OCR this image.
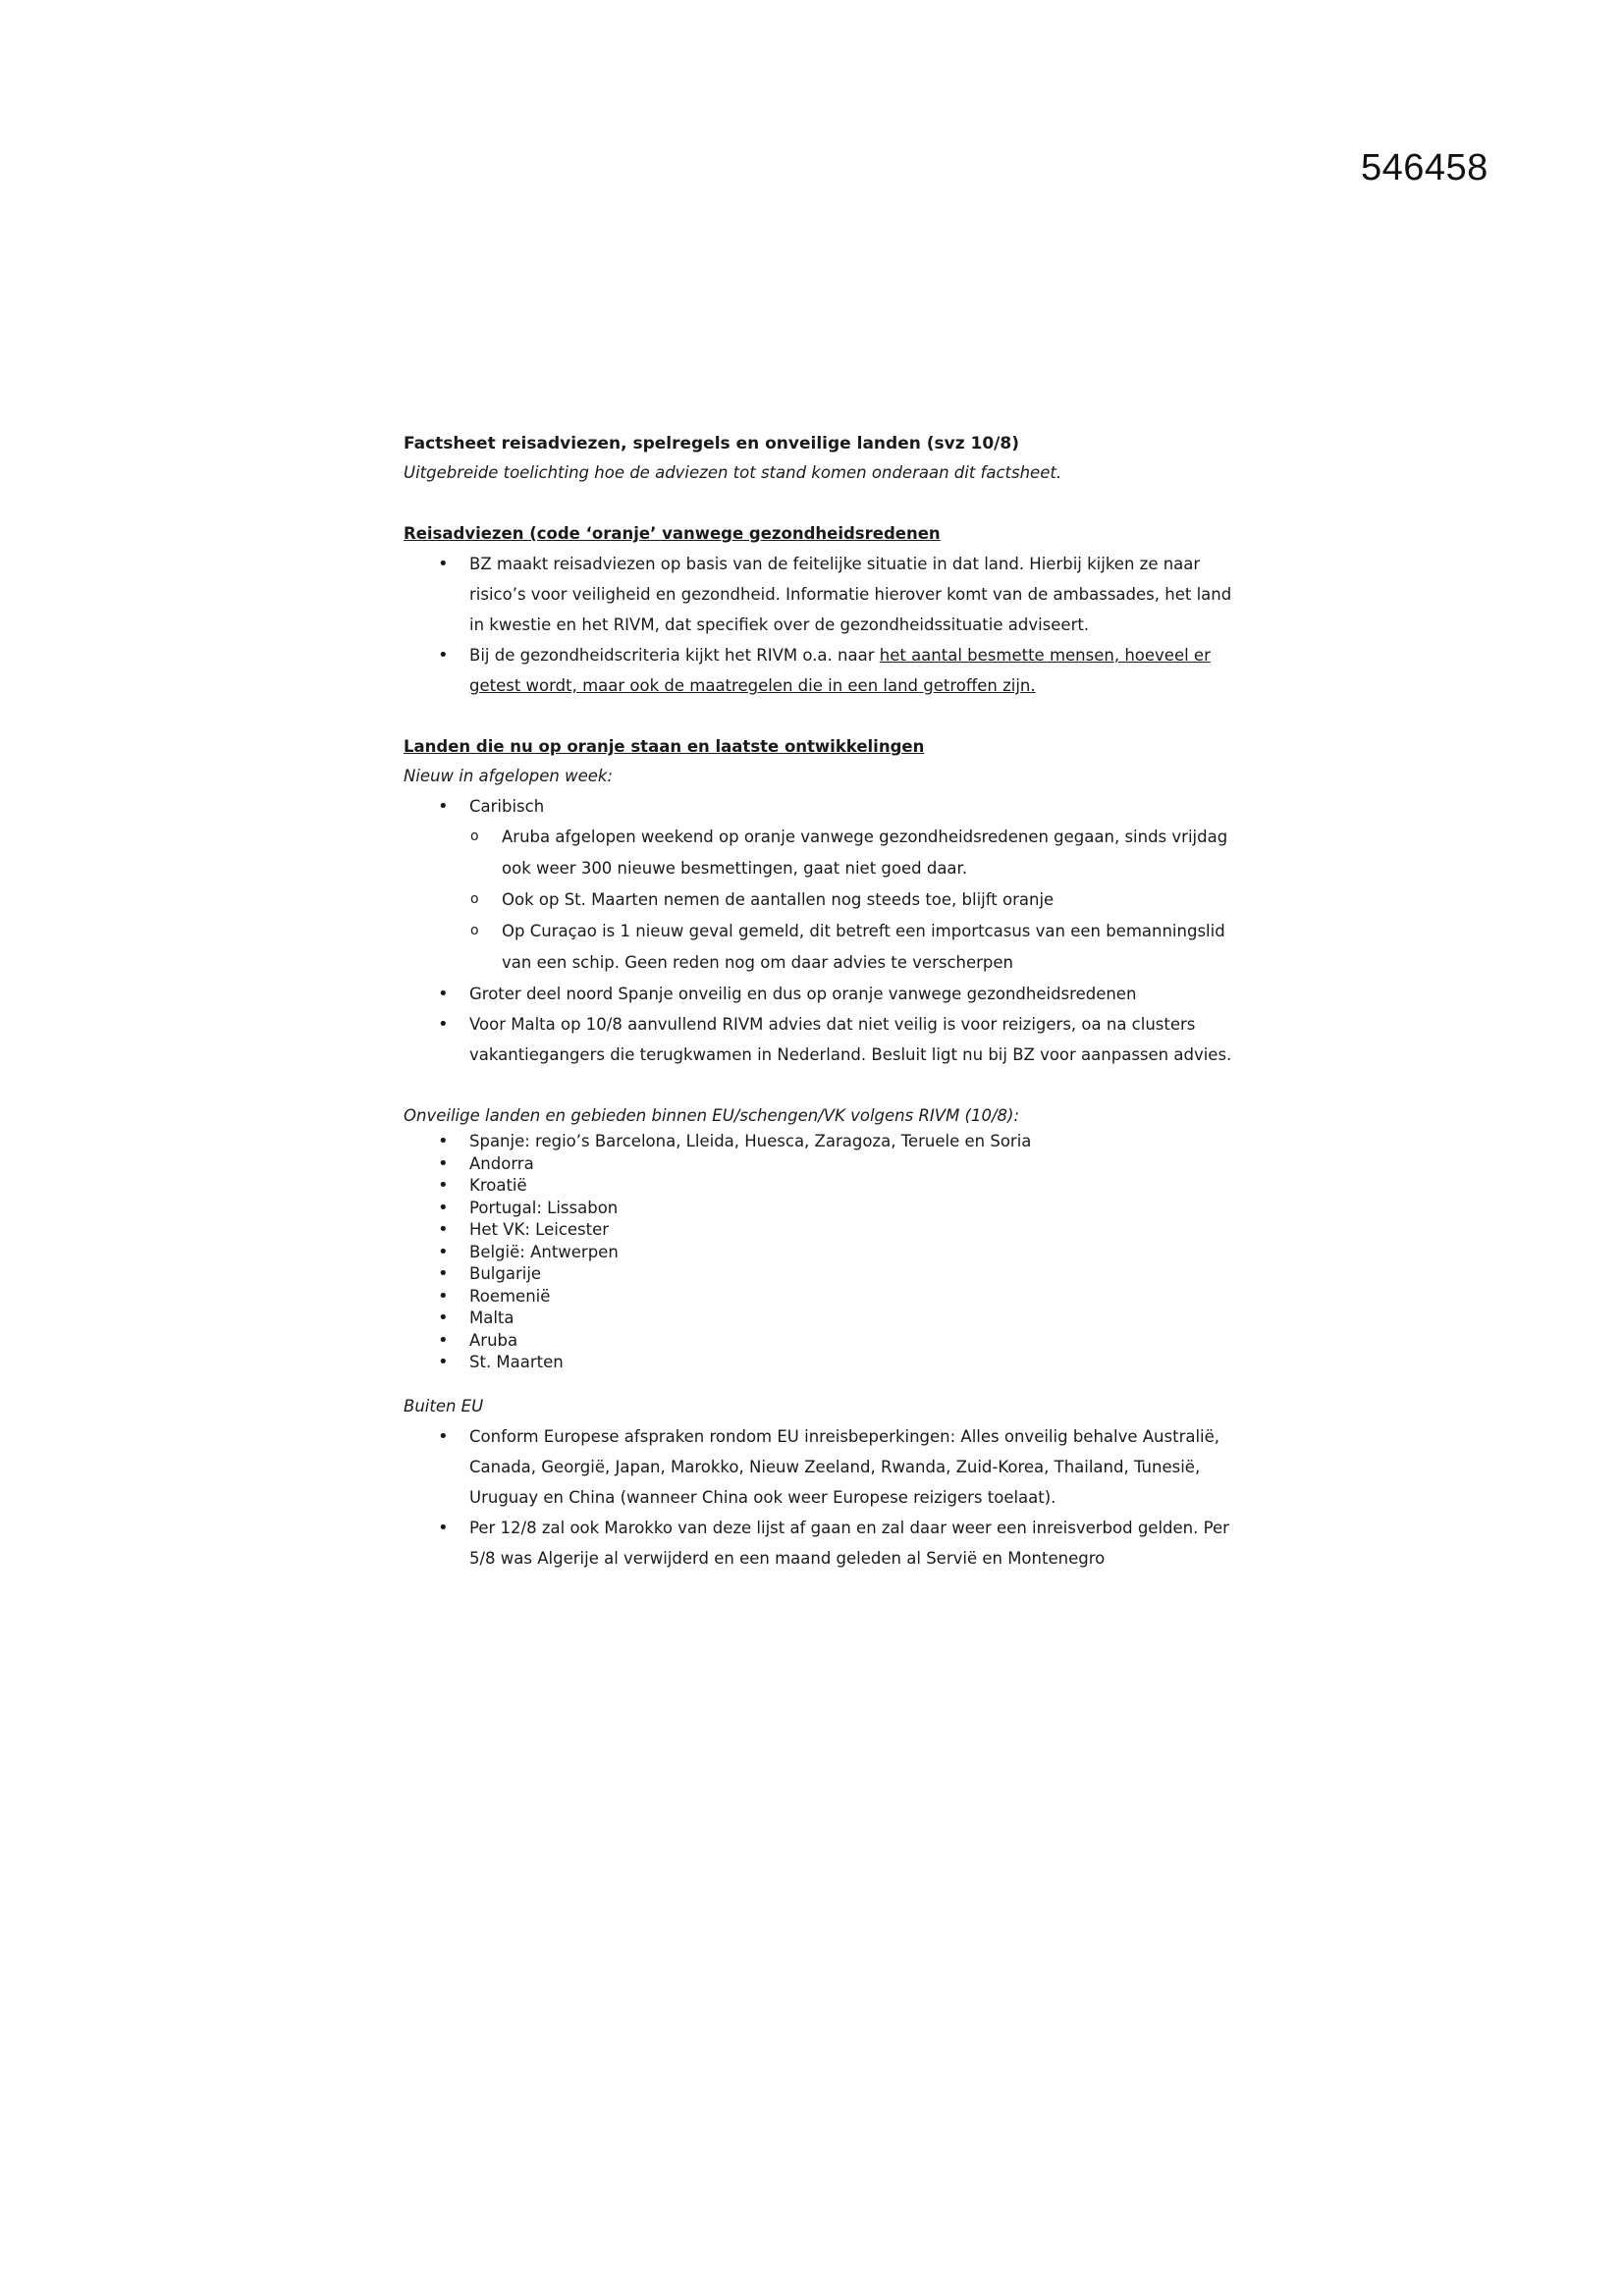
546458

Factsheet reisadviezen, spelregels en onveilige landen (svz 10/8)

Uitgebreide toelichting hoe de adviezen tot stand komen onderaan dit factsheet.

Reisadviezen (code ‘oranje’ vanwege gezondheidsredenen

• BZ maakt reisadviezen op basis van de feitelijke situatie in dat land. Hierbij kijken ze naar risico’s voor veiligheid en gezondheid. Informatie hierover komt van de ambassades, het land in kwestie en het RIVM, dat specifiek over de gezondheidssituatie adviseert.
• Bij de gezondheidscriteria kijkt het RIVM o.a. naar het aantal besmette mensen, hoeveel er getest wordt, maar ook de maatregelen die in een land getroffen zijn.

Landen die nu op oranje staan en laatste ontwikkelingen

Nieuw in afgelopen week:

• Caribisch
o Aruba afgelopen weekend op oranje vanwege gezondheidsredenen gegaan, sinds vrijdag ook weer 300 nieuwe besmettingen, gaat niet goed daar.
o Ook op St. Maarten nemen de aantallen nog steeds toe, blijft oranje
o Op Curaçao is 1 nieuw geval gemeld, dit betreft een importcasus van een bemanningslid van een schip. Geen reden nog om daar advies te verscherpen
• Groter deel noord Spanje onveilig en dus op oranje vanwege gezondheidsredenen
• Voor Malta op 10/8 aanvullend RIVM advies dat niet veilig is voor reizigers, oa na clusters vakantiegangers die terugkwamen in Nederland. Besluit ligt nu bij BZ voor aanpassen advies.

Onveilige landen en gebieden binnen EU/schengen/VK volgens RIVM (10/8):

• Spanje: regio’s Barcelona, Lleida, Huesca, Zaragoza, Teruele en Soria
• Andorra
• Kroatië
• Portugal: Lissabon
• Het VK: Leicester
• België: Antwerpen
• Bulgarije
• Roemenië
• Malta
• Aruba
• St. Maarten

Buiten EU

• Conform Europese afspraken rondom EU inreisbeperkingen: Alles onveilig behalve Australië, Canada, Georgië, Japan, Marokko, Nieuw Zeeland, Rwanda, Zuid-Korea, Thailand, Tunesië, Uruguay en China (wanneer China ook weer Europese reizigers toelaat).
• Per 12/8 zal ook Marokko van deze lijst af gaan en zal daar weer een inreisverbod gelden. Per 5/8 was Algerije al verwijderd en een maand geleden al Servië en Montenegro
